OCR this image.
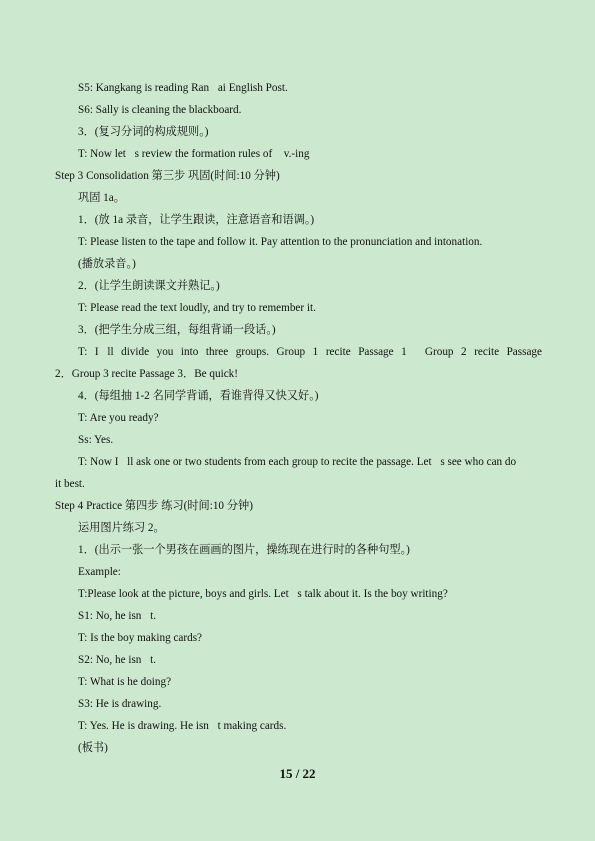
S5: Kangkang is reading Ran ai English Post.
S6: Sally is cleaning the blackboard.
3．(复习分词的构成规则。)
T: Now let s review the formation rules of  v.-ing 
Step 3 Consolidation 第三步 巩固(时间:10 分钟)
巩固 1a。
1．(放 1a 录音，让学生跟读，注意语音和语调。)
T: Please listen to the tape and follow it. Pay attention to the pronunciation and intonation.
(播放录音。)
2．(让学生朗读课文并熟记。)
T: Please read the text loudly, and try to remember it.
3．(把学生分成三组，每组背诵一段话。)
T: I ll divide you into three groups. Group 1 recite Passage 1．Group 2 recite Passage
2．Group 3 recite Passage 3．Be quick!
4．(每组抽 1-2 名同学背诵，看谁背得又快又好。)
T: Are you ready?
Ss: Yes.
T: Now I ll ask one or two students from each group to recite the passage. Let s see who can do
it best.
Step 4 Practice 第四步 练习(时间:10 分钟)
运用图片练习 2。
1．(出示一张一个男孩在画画的图片，操练现在进行时的各种句型。)
Example:
T:Please look at the picture, boys and girls. Let s talk about it. Is the boy writing?
S1: No, he isn t.
T: Is the boy making cards?
S2: No, he isn t.
T: What is he doing?
S3: He is drawing.
T: Yes. He is drawing. He isn t making cards.
(板书)
15 / 22
